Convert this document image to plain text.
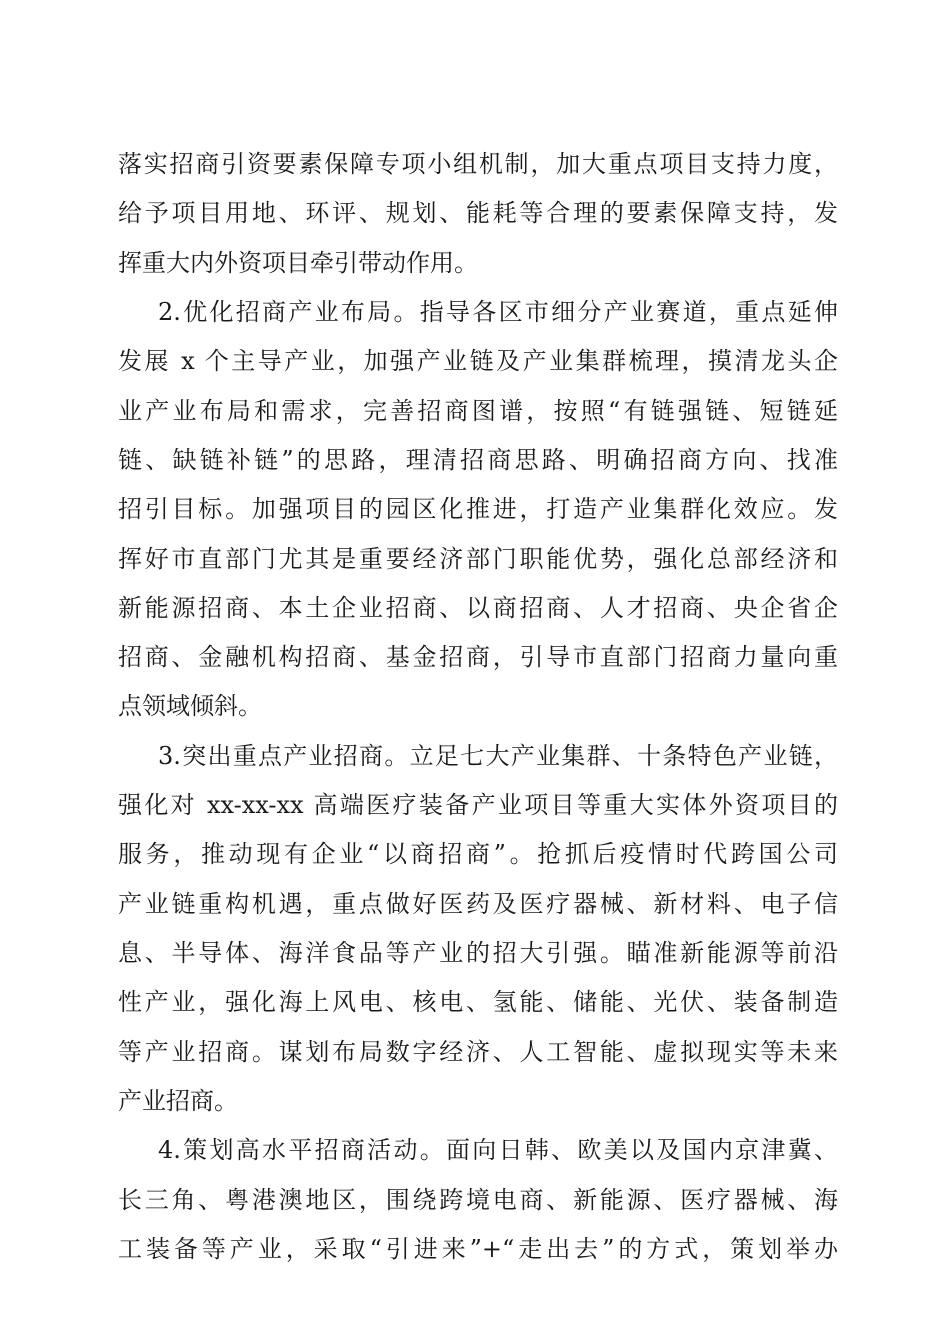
落实招商引资要素保障专项小组机制，加大重点项目支持力度，
给予项目用地、环评、规划、能耗等合理的要素保障支持，发
挥重大内外资项目牵引带动作用。
2.优化招商产业布局。指导各区市细分产业赛道，重点延伸
发展 x 个主导产业，加强产业链及产业集群梳理，摸清龙头企
业产业布局和需求，完善招商图谱，按照“有链强链、短链延
链、缺链补链”的思路，理清招商思路、明确招商方向、找准
招引目标。加强项目的园区化推进，打造产业集群化效应。发
挥好市直部门尤其是重要经济部门职能优势，强化总部经济和
新能源招商、本土企业招商、以商招商、人才招商、央企省企
招商、金融机构招商、基金招商，引导市直部门招商力量向重
点领域倾斜。
3.突出重点产业招商。立足七大产业集群、十条特色产业链，
强化对 xx-xx-xx 高端医疗装备产业项目等重大实体外资项目的
服务，推动现有企业“以商招商”。抢抓后疫情时代跨国公司
产业链重构机遇，重点做好医药及医疗器械、新材料、电子信
息、半导体、海洋食品等产业的招大引强。瞄准新能源等前沿
性产业，强化海上风电、核电、氢能、储能、光伏、装备制造
等产业招商。谋划布局数字经济、人工智能、虚拟现实等未来
产业招商。
4.策划高水平招商活动。面向日韩、欧美以及国内京津冀、
长三角、粤港澳地区，围绕跨境电商、新能源、医疗器械、海
工装备等产业，采取“引进来”+“走出去”的方式，策划举办
